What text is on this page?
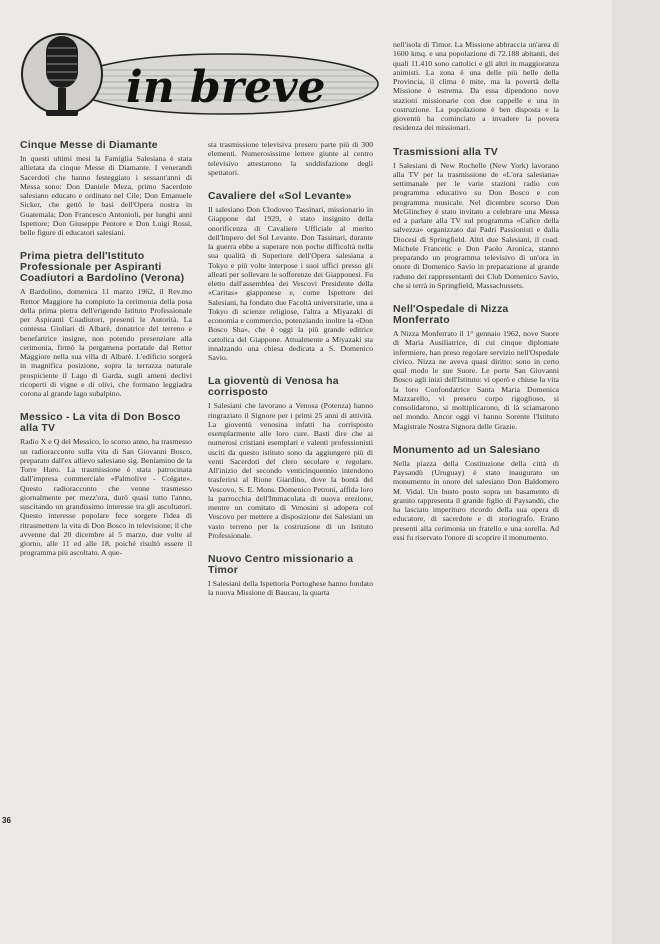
in breve
Cinque Messe di Diamante

In questi ultimi mesi la Famiglia Salesiana è stata allietata da cinque Messe di Diamante. I venerandi Sacerdoti che hanno festeggiato i sessant'anni di Messa sono: Don Daniele Meza, primo Sacerdote salesiano educato e ordinato nel Cile; Don Emanuele Sicker, che gettò le basi dell'Opera nostra in Guatemala; Don Francesco Antonioli, per lunghi anni Ispettore; Don Giuseppe Pentore e Don Luigi Rossi, belle figure di educatori salesiani.

Prima pietra dell'Istituto Professionale per Aspiranti Coadiutori a Bardolino (Verona)

A Bardolino, domenica 11 marzo 1962, il Rev.mo Rettor Maggiore ha compiuto la cerimonia della posa della prima pietra dell'erigendo Istituto Professionale per Aspiranti Coadiutori, presenti le Autorità. La contessa Giuliari di Albarè, donatrice del terreno e benefattrice insigne, non potendo presenziare alla cerimonia, firmò la pergamena portatale dal Rettor Maggiore nella sua villa di Albarè. L'edificio sorgerà in magnifica posizione, sopra la terrazza naturale prospiciente il Lago di Garda, sugli ameni declivi ricoperti di vigne e di olivi, che formano leggiadra corona al grande lago subalpino.

Messico - La vita di Don Bosco alla TV

Radio X e Q del Messico, lo scorso anno, ha trasmesso un radioracconto sulla vita di San Giovanni Bosco, preparato dall'ex allievo salesiano sig. Beniamino de la Torre Haro. La trasmissione è stata patrocinata dall'impresa commerciale «Palmolive - Colgate». Questo radioracconto che venne trasmesso giornalmente per mezz'ora, durò quasi tutto l'anno, suscitando un grandissimo interesse tra gli ascoltatori. Questo interesse popolare fece sorgere l'idea di ritrasmettere la vita di Don Bosco in televisione; il che avvenne dal 20 dicembre al 5 marzo, due volte al giorno, alle 11 ed alle 18, poiché risultò essere il programma più ascoltato. A que-

sta trasmissione televisiva presero parte più di 300 elementi. Numerosissime lettere giunte al centro televisivo attestarono la soddisfazione degli spettatori.

Cavaliere del «Sol Levante»

Il salesiano Don Clodoveo Tassinari, missionario in Giappone dal 1929, è stato insignito della onorificenza di Cavaliere Ufficiale al merito dell'Impero del Sol Levante. Don Tassinari, durante la guerra ebbe a superare non poche difficoltà nella sua qualità di Superiore dell'Opera salesiana a Tokyo e più volte interpose i suoi uffici presso gli alleati per sollevare le sofferenze dei Giapponesi. Fu eletto dall'assemblea dei Vescovi Presidente della «Caritas» giapponese e, come Ispettore dei Salesiani, ha fondato due Facoltà universitarie, una a Tokyo di scienze religiose, l'altra a Miyazaki di economia e commercio, potenziando inoltre la «Don Bosco Sha», che è oggi la più grande editrice cattolica del Giappone. Attualmente a Miyazaki sta innalzando una chiesa dedicata a S. Domenico Savio.

La gioventù di Venosa ha corrisposto

I Salesiani che lavorano a Venosa (Potenza) hanno ringraziato il Signore per i primi 25 anni di attività. La gioventù venosina infatti ha corrisposto esemplarmente alle loro cure. Basti dire che ai numerosi cristiani esemplari e valenti professionisti usciti da questo istituto sono da aggiungere più di venti Sacerdoti del clero secolare e regolare. All'inizio del secondo venticinquennio intendono trasferirsi al Rione Giardino, dove la bontà del Vescovo, S. E. Mons. Domenico Petroni, affida loro la parrocchia dell'Immacolata di nuova erezione, mentre un comitato di Venosini si adopera col Vescovo per mettere a disposizione dei Salesiani un vasto terreno per la costruzione di un Istituto Professionale.

Nuovo Centro missionario a Timor

I Salesiani della Ispettoria Portoghese hanno fondato la nuova Missione di Baucau, la quarta

nell'isola di Timor. La Missione abbraccia un'area di 1600 kmq. e una popolazione di 72.188 abitanti, dei quali 11.410 sono cattolici e gli altri in maggioranza animisti. La zona è una delle più belle della Provincia, il clima è mite, ma la povertà della Missione è estrema. Da essa dipendono nove stazioni missionarie con due cappelle e una in costruzione. La popolazione è ben disposta e la gioventù ha cominciato a invadere la povera residenza dei missionari.

Trasmissioni alla TV

I Salesiani di New Rochelle (New York) lavorano alla TV per la trasmissione de «L'ora salesiana» settimanale per le varie stazioni radio con programma educativo su Don Bosco e con programma musicale. Nel dicembre scorso Don McGlinchey è stato invitato a celebrare una Messa ed a parlare alla TV sul programma «Calice della salvezza» organizzato dai Padri Passionisti e dalla Diocesi di Springfield. Altri due Salesiani, il coad. Michele Francetic e Don Paolo Aronica, stanno preparando un programma televisivo di un'ora in onore di Domenico Savio in preparazione al grande raduno dei rappresentanti dei Club Domenico Savio, che si terrà in Springfield, Massachussets.

Nell'Ospedale di Nizza Monferrato

A Nizza Monferrato il 1° gennaio 1962, nove Suore di Maria Ausiliatrice, di cui cinque diplomate infermiere, han preso regolare servizio nell'Ospedale civico. Nizza ne aveva quasi diritto: sono in certo qual modo le sue Suore. Le porte San Giovanni Bosco agli inizi dell'Istituto: vi operò e chiuse la vita la loro Confondatrice Santa Maria Domenica Mazzarello, vi presero corpo rigoglioso, si consolidarono, si moltiplicarono, di là sciamarono nel mondo. Ancor oggi vi hanno Sorente l'Istituto Magistrale Nostra Signora delle Grazie.

Monumento ad un Salesiano

Nella piazza della Costituzione della città di Paysandù (Uruguay) è stato inaugurato un monumento in onore del salesiano Don Baldomero M. Vidal. Un busto posto sopra un basamento di granito rappresenta il grande figlio di Paysandù, che ha lasciato imperituro ricordo della sua opera di educatore, di sacerdote e di storiografo. Erano presenti alla cerimonia un fratello e una sorella. Ad essi fu riservato l'onore di scoprire il monumento.

36
